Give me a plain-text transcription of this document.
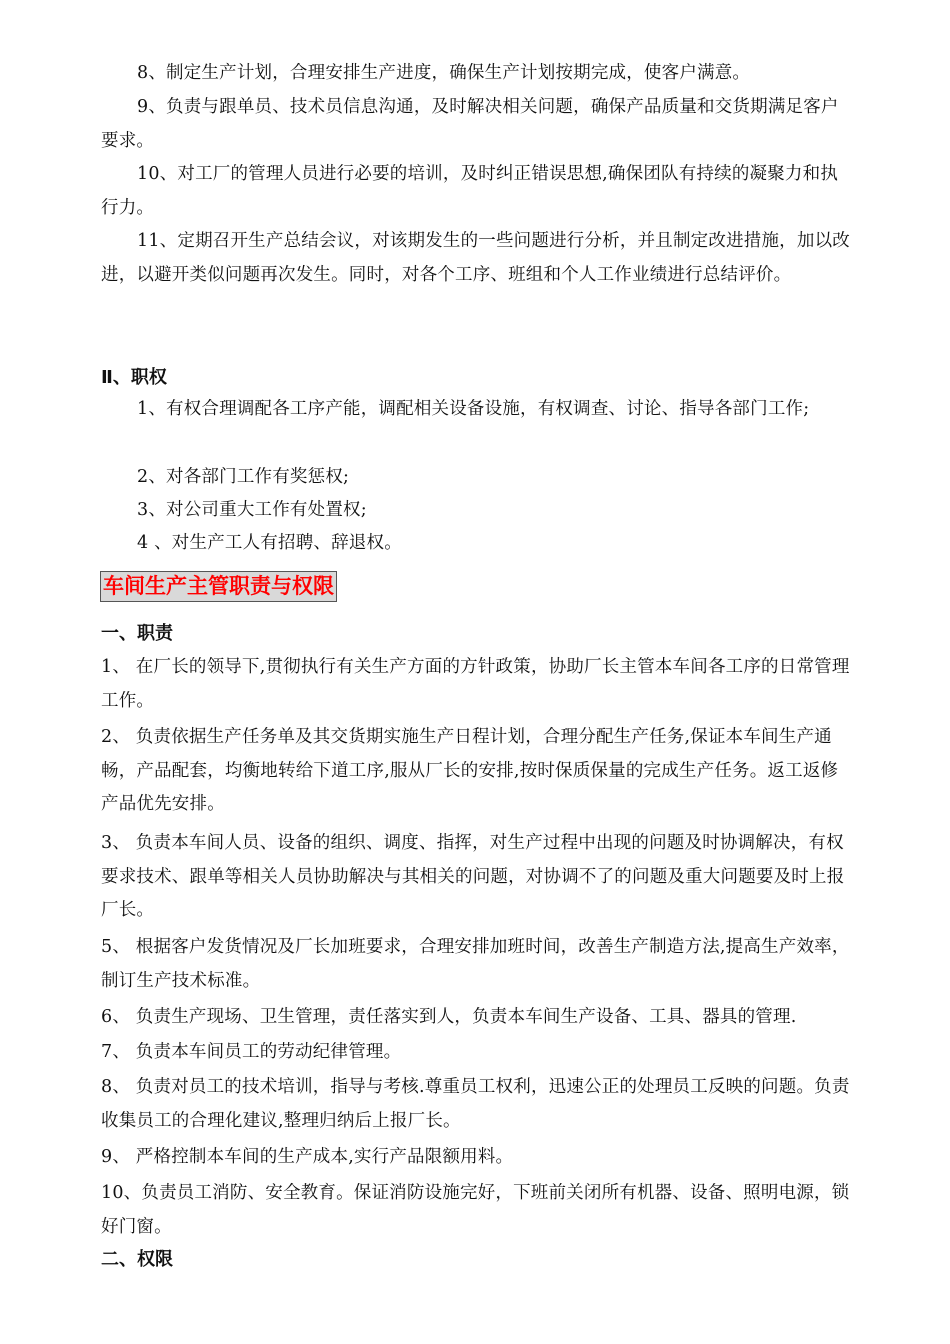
8、制定生产计划，合理安排生产进度，确保生产计划按期完成，使客户满意。

9、负责与跟单员、技术员信息沟通，及时解决相关问题，确保产品质量和交货期满足客户要求。

10、对工厂的管理人员进行必要的培训，及时纠正错误思想,确保团队有持续的凝聚力和执行力。

11、定期召开生产总结会议，对该期发生的一些问题进行分析，并且制定改进措施，加以改进，以避开类似问题再次发生。同时，对各个工序、班组和个人工作业绩进行总结评价。

Ⅱ、职权

1、有权合理调配各工序产能，调配相关设备设施，有权调查、讨论、指导各部门工作;

2、对各部门工作有奖惩权;

3、对公司重大工作有处置权;

4 、对生产工人有招聘、辞退权。

车间生产主管职责与权限
一、职责

1、 在厂长的领导下,贯彻执行有关生产方面的方针政策，协助厂长主管本车间各工序的日常管理工作。

2、 负责依据生产任务单及其交货期实施生产日程计划，合理分配生产任务,保证本车间生产通畅，产品配套，均衡地转给下道工序,服从厂长的安排,按时保质保量的完成生产任务。返工返修产品优先安排。

3、 负责本车间人员、设备的组织、调度、指挥，对生产过程中出现的问题及时协调解决，有权要求技术、跟单等相关人员协助解决与其相关的问题，对协调不了的问题及重大问题要及时上报厂长。

5、 根据客户发货情况及厂长加班要求，合理安排加班时间，改善生产制造方法,提高生产效率，制订生产技术标准。

6、 负责生产现场、卫生管理，责任落实到人，负责本车间生产设备、工具、器具的管理.

7、 负责本车间员工的劳动纪律管理。

8、 负责对员工的技术培训，指导与考核.尊重员工权利，迅速公正的处理员工反映的问题。负责收集员工的合理化建议,整理归纳后上报厂长。

9、 严格控制本车间的生产成本,实行产品限额用料。

10、负责员工消防、安全教育。保证消防设施完好，下班前关闭所有机器、设备、照明电源，锁好门窗。

二、权限
